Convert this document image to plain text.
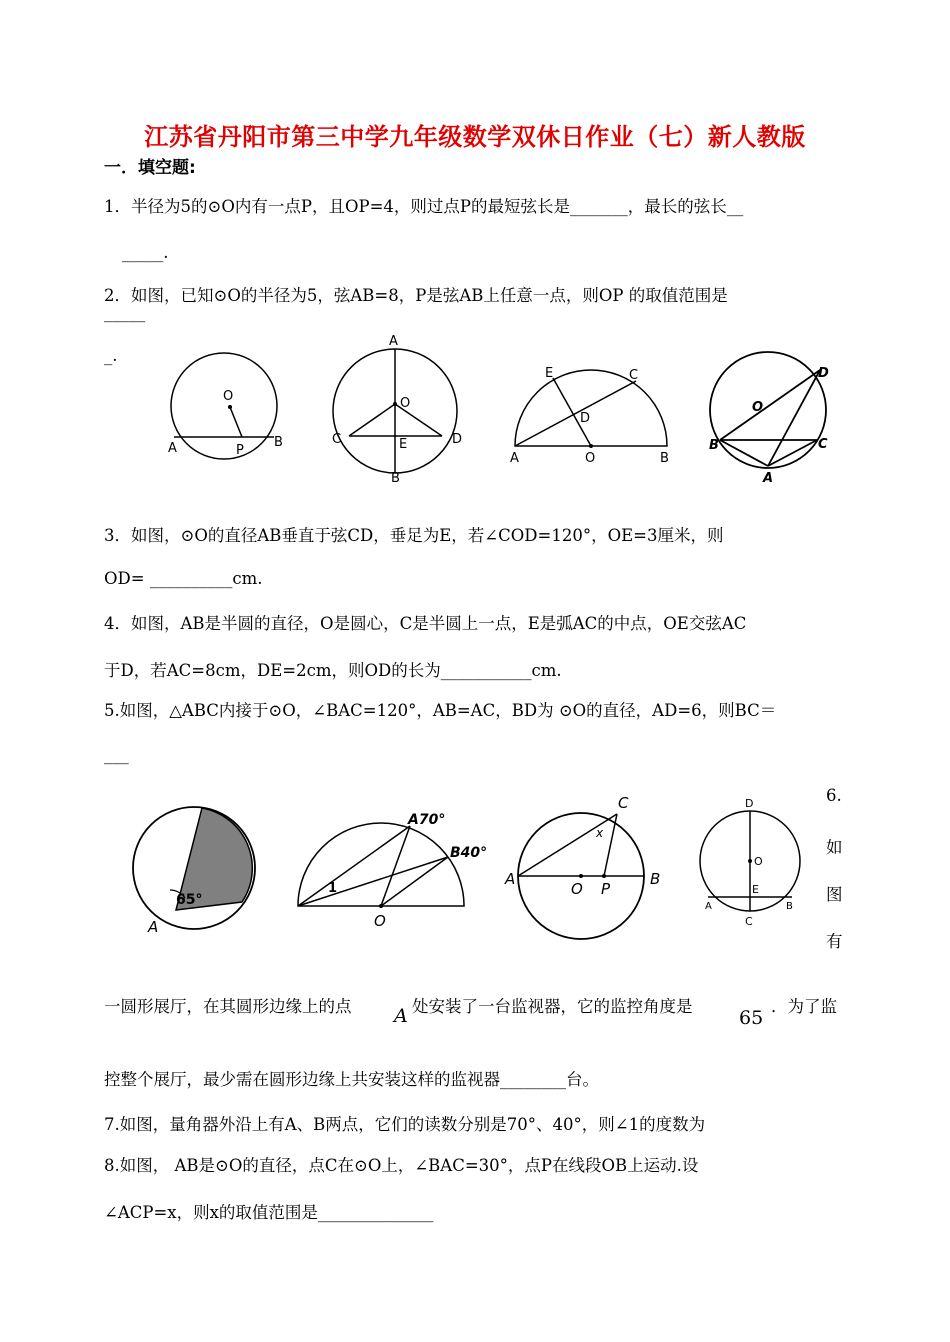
江苏省丹阳市第三中学九年级数学双休日作业（七）新人教版
一．填空题:
1．半径为5的⊙O内有一点P，且OP=4，则过点P的最短弦长是_______，最长的弦长__
_____.
2．如图，已知⊙O的半径为5，弦AB=8，P是弦AB上任意一点，则OP 的取值范围是
_____
_.
O
A	P
B
A
O
C	E	D
B
E	C
D
A	O	B
D
O
B	C
A
3．如图，⊙O的直径AB垂直于弦CD，垂足为E，若∠COD=120°，OE=3厘米，则
OD= __________cm.
4．如图，AB是半圆的直径，O是圆心，C是半圆上一点，E是弧AC的中点，OE交弦AC
于D，若AC=8cm，DE=2cm，则OD的长为___________cm.
5.如图，△ABC内接于⊙O，∠BAC=120°，AB=AC，BD为 ⊙O的直径，AD=6，则BC＝
___
65°
A
A70°
B40°
1
O
C
x
A
O P
B
D
O
E
A	B
C
6.
如
图
有
一圆形展厅，在其圆形边缘上的点 A 处安装了一台监视器，它的监控角度是
65
．为了监
控整个展厅，最少需在圆形边缘上共安装这样的监视器________台。
7.如图，量角器外沿上有A、B两点，它们的读数分别是70°、40°，则∠1的度数为
8.如图， AB是⊙O的直径，点C在⊙O上，∠BAC=30°，点P在线段OB上运动.设
∠ACP=x，则x的取值范围是______________
